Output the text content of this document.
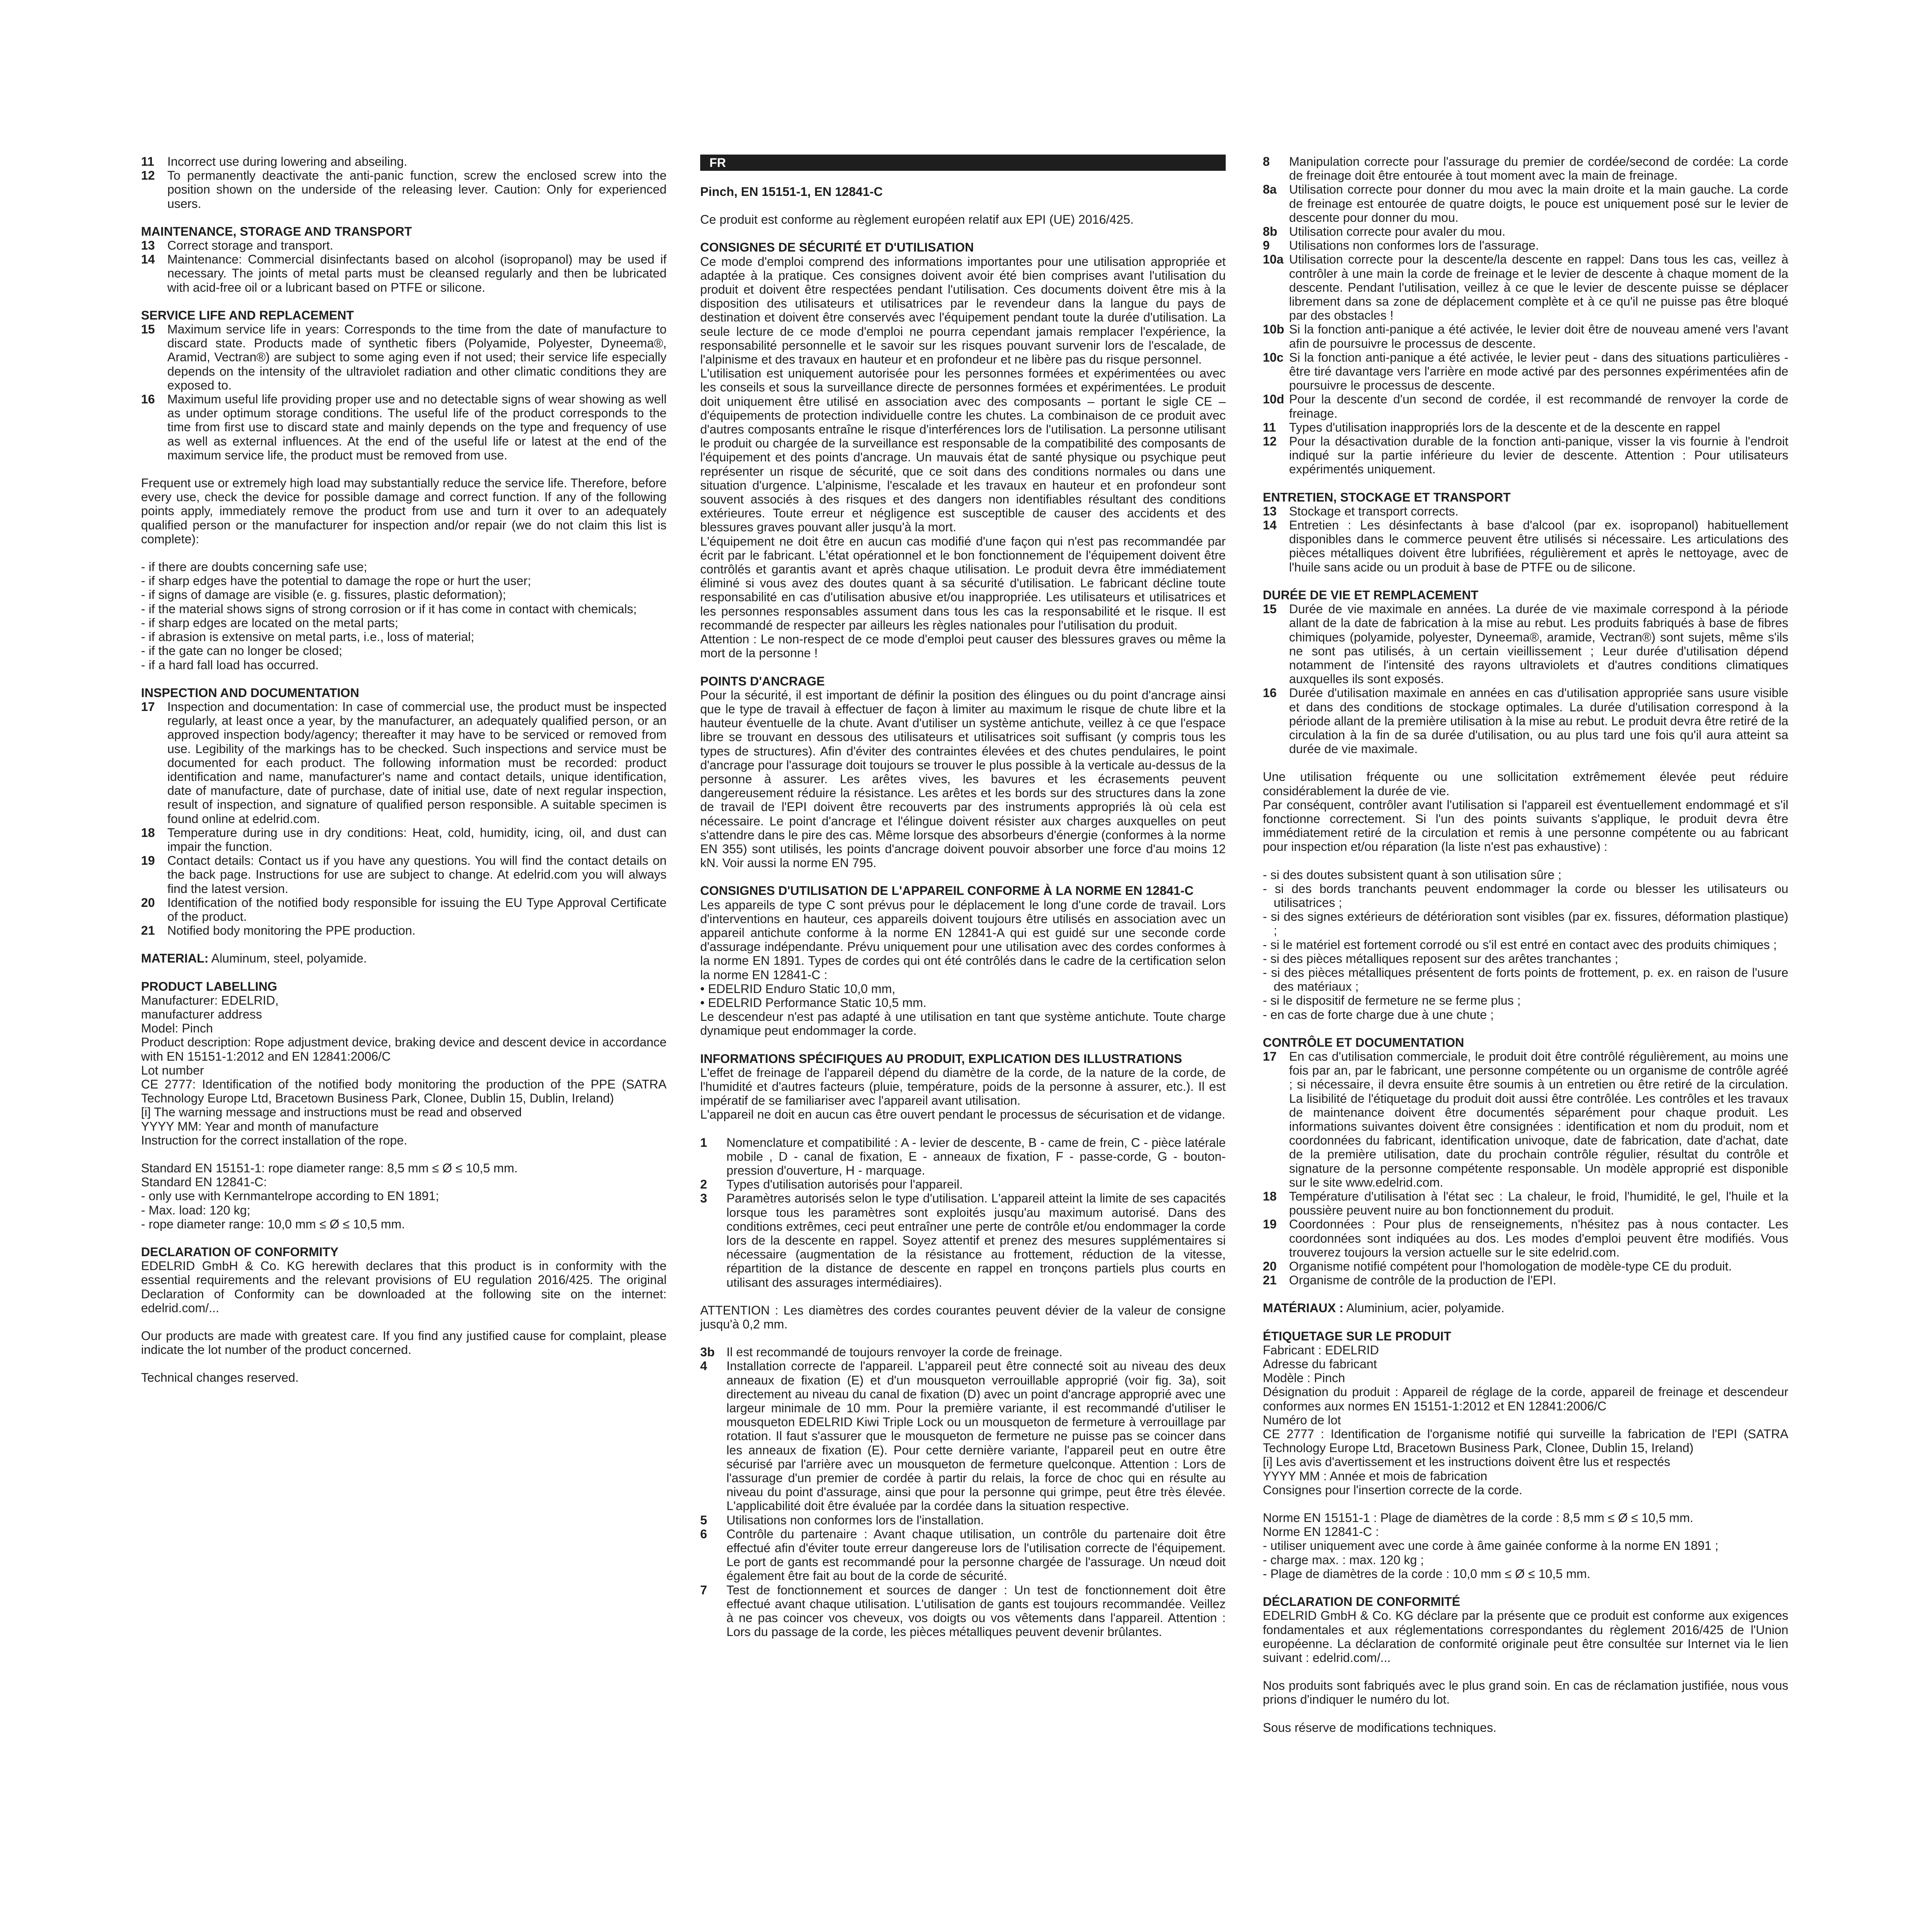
11	Incorrect use during lowering and abseiling.
12 To permanently deactivate the anti-panic function, screw the enclosed screw into the position shown on the underside of the releasing lever. Caution: Only for experienced users.
MAINTENANCE, STORAGE AND TRANSPORT
13 Correct storage and transport.
14 Maintenance: Commercial disinfectants based on alcohol (isopropanol) may be used if necessary. The joints of metal parts must be cleansed regularly and then be lubricated with acid-free oil or a lubricant based on PTFE or silicone.
SERVICE LIFE AND REPLACEMENT
15 Maximum service life in years: Corresponds to the time from the date of manufacture to discard state. Products made of synthetic fibers (Polyamide, Polyester, Dyneema®, Aramid, Vectran®) are subject to some aging even if not used; their service life especially depends on the intensity of the ultraviolet radiation and other climatic conditions they are exposed to.
16 Maximum useful life providing proper use and no detectable signs of wear showing as well as under optimum storage conditions. The useful life of the product corresponds to the time from first use to discard state and mainly depends on the type and frequency of use as well as external influences. At the end of the useful life or latest at the end of the maximum service life, the product must be removed from use.

Frequent use or extremely high load may substantially reduce the service life. Therefore, before every use, check the device for possible damage and correct function. If any of the following points apply, immediately remove the product from use and turn it over to an adequately qualified person or the manufacturer for inspection and/or repair (we do not claim this list is complete):

- if there are doubts concerning safe use;
- if sharp edges have the potential to damage the rope or hurt the user;
- if signs of damage are visible (e. g. fissures, plastic deformation);
- if the material shows signs of strong corrosion or if it has come in contact with chemicals;
- if sharp edges are located on the metal parts;
- if abrasion is extensive on metal parts, i.e., loss of material;
- if the gate can no longer be closed;
- if a hard fall load has occurred.
INSPECTION AND DOCUMENTATION
17 Inspection and documentation: In case of commercial use, the product must be inspected regularly, at least once a year, by the manufacturer, an adequately qualified person, or an approved inspection body/agency; thereafter it may have to be serviced or removed from use. Legibility of the markings has to be checked. Such inspections and service must be documented for each product. The following information must be recorded: product identification and name, manufacturer's name and contact details, unique identification, date of manufacture, date of purchase, date of initial use, date of next regular inspection, result of inspection, and signature of qualified person responsible. A suitable specimen is found online at edelrid.com.
18 Temperature during use in dry conditions: Heat, cold, humidity, icing, oil, and dust can impair the function.
19 Contact details: Contact us if you have any questions. You will find the contact details on the back page. Instructions for use are subject to change. At edelrid.com you will always find the latest version.
20 Identification of the notified body responsible for issuing the EU Type Approval Certificate of the product.
21 Notified body monitoring the PPE production.

MATERIAL: Aluminum, steel, polyamide.

PRODUCT LABELLING
Manufacturer: EDELRID,
manufacturer address
Model: Pinch
Product description: Rope adjustment device, braking device and descent device in accordance with EN 15151-1:2012 and EN 12841:2006/C
Lot number
CE 2777: Identification of the notified body monitoring the production of the PPE (SATRA Technology Europe Ltd, Bracetown Business Park, Clonee, Dublin 15, Dublin, Ireland)
[i] The warning message and instructions must be read and observed
YYYY MM: Year and month of manufacture
Instruction for the correct installation of the rope.
Standard EN 15151-1: rope diameter range: 8,5 mm ≤ Ø ≤ 10,5 mm.
Standard EN 12841-C:
- only use with Kernmantelrope according to EN 1891;
- Max. load: 120 kg;
- rope diameter range: 10,0 mm ≤ Ø ≤ 10,5 mm.
DECLARATION OF CONFORMITY

EDELRID GmbH & Co. KG herewith declares that this product is in conformity with the essential requirements and the relevant provisions of EU regulation 2016/425. The original Declaration of Conformity can be downloaded at the following site on the internet: edelrid.com/...

Our products are made with greatest care. If you find any justified cause for complaint, please indicate the lot number of the product concerned.

Technical changes reserved.

FR
Pinch, EN 15151-1, EN 12841-C

Ce produit est conforme au règlement européen relatif aux EPI (UE) 2016/425.

CONSIGNES DE SÉCURITÉ ET D'UTILISATION
Ce mode d'emploi comprend des informations importantes pour une utilisation appropriée et adaptée à la pratique. Ces consignes doivent avoir été bien comprises avant l'utilisation du produit et doivent être respectées pendant l'utilisation. Ces documents doivent être mis à la disposition des utilisateurs et utilisatrices par le revendeur dans la langue du pays de destination et doivent être conservés avec l'équipement pendant toute la durée d'utilisation. La seule lecture de ce mode d'emploi ne pourra cependant jamais remplacer l'expérience, la responsabilité personnelle et le savoir sur les risques pouvant survenir lors de l'escalade, de l'alpinisme et des travaux en hauteur et en profondeur et ne libère pas du risque personnel.
L'utilisation est uniquement autorisée pour les personnes formées et expérimentées ou avec les conseils et sous la surveillance directe de personnes formées et expérimentées. Le produit doit uniquement être utilisé en association avec des composants – portant le sigle CE – d'équipements de protection individuelle contre les chutes. La combinaison de ce produit avec d'autres composants entraîne le risque d'interférences lors de l'utilisation. La personne utilisant le produit ou chargée de la surveillance est responsable de la compatibilité des composants de l'équipement et des points d'ancrage. Un mauvais état de santé physique ou psychique peut représenter un risque de sécurité, que ce soit dans des conditions normales ou dans une situation d'urgence. L'alpinisme, l'escalade et les travaux en hauteur et en profondeur sont souvent associés à des risques et des dangers non identifiables résultant des conditions extérieures. Toute erreur et négligence est susceptible de causer des accidents et des blessures graves pouvant aller jusqu'à la mort.
L'équipement ne doit être en aucun cas modifié d'une façon qui n'est pas recommandée par écrit par le fabricant. L'état opérationnel et le bon fonctionnement de l'équipement doivent être contrôlés et garantis avant et après chaque utilisation. Le produit devra être immédiatement éliminé si vous avez des doutes quant à sa sécurité d'utilisation. Le fabricant décline toute responsabilité en cas d'utilisation abusive et/ou inappropriée. Les utilisateurs et utilisatrices et les personnes responsables assument dans tous les cas la responsabilité et le risque. Il est recommandé de respecter par ailleurs les règles nationales pour l'utilisation du produit.
Attention : Le non-respect de ce mode d'emploi peut causer des blessures graves ou même la mort de la personne !
POINTS D'ANCRAGE

Pour la sécurité, il est important de définir la position des élingues ou du point d'ancrage ainsi que le type de travail à effectuer de façon à limiter au maximum le risque de chute libre et la hauteur éventuelle de la chute. Avant d'utiliser un système antichute, veillez à ce que l'espace libre se trouvant en dessous des utilisateurs et utilisatrices soit suffisant (y compris tous les types de structures). Afin d'éviter des contraintes élevées et des chutes pendulaires, le point d'ancrage pour l'assurage doit toujours se trouver le plus possible à la verticale au-dessus de la personne à assurer. Les arêtes vives, les bavures et les écrasements peuvent dangereusement réduire la résistance. Les arêtes et les bords sur des structures dans la zone de travail de l'EPI doivent être recouverts par des instruments appropriés là où cela est nécessaire. Le point d'ancrage et l'élingue doivent résister aux charges auxquelles on peut s'attendre dans le pire des cas. Même lorsque des absorbeurs d'énergie (conformes à la norme EN 355) sont utilisés, les points d'ancrage doivent pouvoir absorber une force d'au moins 12 kN. Voir aussi la norme EN 795.

CONSIGNES D'UTILISATION DE L'APPAREIL CONFORME À LA NORME EN 12841-C

Les appareils de type C sont prévus pour le déplacement le long d'une corde de travail. Lors d'interventions en hauteur, ces appareils doivent toujours être utilisés en association avec un appareil antichute conforme à la norme EN 12841-A qui est guidé sur une seconde corde d'assurage indépendante. Prévu uniquement pour une utilisation avec des cordes conformes à la norme EN 1891. Types de cordes qui ont été contrôlés dans le cadre de la certification selon la norme EN 12841-C :

• EDELRID Enduro Static 10,0 mm,
• EDELRID Performance Static 10,5 mm.

Le descendeur n'est pas adapté à une utilisation en tant que système antichute. Toute charge dynamique peut endommager la corde.

INFORMATIONS SPÉCIFIQUES AU PRODUIT, EXPLICATION DES ILLUSTRATIONS
L'effet de freinage de l'appareil dépend du diamètre de la corde, de la nature de la corde, de l'humidité et d'autres facteurs (pluie, température, poids de la personne à assurer, etc.). Il est impératif de se familiariser avec l'appareil avant utilisation.
L'appareil ne doit en aucun cas être ouvert pendant le processus de sécurisation et de vidange.
1	Nomenclature et compatibilité : A - levier de descente, B - came de frein, C - pièce latérale mobile , D - canal de fixation, E - anneaux de fixation, F - passe-corde, G - bouton-pression d'ouverture, H - marquage.
2	Types d'utilisation autorisés pour l'appareil.
3	Paramètres autorisés selon le type d'utilisation. L'appareil atteint la limite de ses capacités lorsque tous les paramètres sont exploités jusqu'au maximum autorisé. Dans des conditions extrêmes, ceci peut entraîner une perte de contrôle et/ou endommager la corde lors de la descente en rappel. Soyez attentif et prenez des mesures supplémentaires si nécessaire (augmentation de la résistance au frottement, réduction de la vitesse, répartition de la distance de descente en rappel en tronçons partiels plus courts en utilisant des assurages intermédiaires).

ATTENTION : Les diamètres des cordes courantes peuvent dévier de la valeur de consigne jusqu'à 0,2 mm.

3b Il est recommandé de toujours renvoyer la corde de freinage.
4	Installation correcte de l'appareil. L'appareil peut être connecté soit au niveau des deux anneaux de fixation (E) et d'un mousqueton verrouillable approprié (voir fig. 3a), soit directement au niveau du canal de fixation (D) avec un point d'ancrage approprié avec une largeur minimale de 10 mm. Pour la première variante, il est recommandé d'utiliser le mousqueton EDELRID Kiwi Triple Lock ou un mousqueton de fermeture à verrouillage par rotation. Il faut s'assurer que le mousqueton de fermeture ne puisse pas se coincer dans les anneaux de fixation (E). Pour cette dernière variante, l'appareil peut en outre être sécurisé par l'arrière avec un mousqueton de fermeture quelconque. Attention : Lors de l'assurage d'un premier de cordée à partir du relais, la force de choc qui en résulte au niveau du point d'assurage, ainsi que pour la personne qui grimpe, peut être très élevée. L'applicabilité doit être évaluée par la cordée dans la situation respective.
5	Utilisations non conformes lors de l'installation.
6	Contrôle du partenaire : Avant chaque utilisation, un contrôle du partenaire doit être effectué afin d'éviter toute erreur dangereuse lors de l'utilisation correcte de l'équipement. Le port de gants est recommandé pour la personne chargée de l'assurage. Un nœud doit également être fait au bout de la corde de sécurité.
7	Test de fonctionnement et sources de danger : Un test de fonctionnement doit être effectué avant chaque utilisation. L'utilisation de gants est toujours recommandée. Veillez à ne pas coincer vos cheveux, vos doigts ou vos vêtements dans l'appareil. Attention : Lors du passage de la corde, les pièces métalliques peuvent devenir brûlantes.
8	Manipulation correcte pour l'assurage du premier de cordée/second de cordée: La corde de freinage doit être entourée à tout moment avec la main de freinage.
8a Utilisation correcte pour donner du mou avec la main droite et la main gauche. La corde de freinage est entourée de quatre doigts, le pouce est uniquement posé sur le levier de descente pour donner du mou.
8b Utilisation correcte pour avaler du mou.
9	Utilisations non conformes lors de l'assurage.
10a Utilisation correcte pour la descente/la descente en rappel: Dans tous les cas, veillez à contrôler à une main la corde de freinage et le levier de descente à chaque moment de la descente. Pendant l'utilisation, veillez à ce que le levier de descente puisse se déplacer librement dans sa zone de déplacement complète et à ce qu'il ne puisse pas être bloqué par des obstacles !
10b Si la fonction anti-panique a été activée, le levier doit être de nouveau amené vers l'avant afin de poursuivre le processus de descente.
10c Si la fonction anti-panique a été activée, le levier peut - dans des situations particulières - être tiré davantage vers l'arrière en mode activé par des personnes expérimentées afin de poursuivre le processus de descente.
10d Pour la descente d'un second de cordée, il est recommandé de renvoyer la corde de freinage.
11	Types d'utilisation inappropriés lors de la descente et de la descente en rappel
12 Pour la désactivation durable de la fonction anti-panique, visser la vis fournie à l'endroit indiqué sur la partie inférieure du levier de descente. Attention : Pour utilisateurs expérimentés uniquement.
ENTRETIEN, STOCKAGE ET TRANSPORT
13 Stockage et transport corrects.
14 Entretien : Les désinfectants à base d'alcool (par ex. isopropanol) habituellement disponibles dans le commerce peuvent être utilisés si nécessaire. Les articulations des pièces métalliques doivent être lubrifiées, régulièrement et après le nettoyage, avec de l'huile sans acide ou un produit à base de PTFE ou de silicone.
DURÉE DE VIE ET REMPLACEMENT
15 Durée de vie maximale en années. La durée de vie maximale correspond à la période allant de la date de fabrication à la mise au rebut. Les produits fabriqués à base de fibres chimiques (polyamide, polyester, Dyneema®, aramide, Vectran®) sont sujets, même s'ils ne sont pas utilisés, à un certain vieillissement ; Leur durée d'utilisation dépend notamment de l'intensité des rayons ultraviolets et d'autres conditions climatiques auxquelles ils sont exposés.
16 Durée d'utilisation maximale en années en cas d'utilisation appropriée sans usure visible et dans des conditions de stockage optimales. La durée d'utilisation correspond à la période allant de la première utilisation à la mise au rebut. Le produit devra être retiré de la circulation à la fin de sa durée d'utilisation, ou au plus tard une fois qu'il aura atteint sa durée de vie maximale.
Une utilisation fréquente ou une sollicitation extrêmement élevée peut réduire considérablement la durée de vie.
Par conséquent, contrôler avant l'utilisation si l'appareil est éventuellement endommagé et s'il fonctionne correctement. Si l'un des points suivants s'applique, le produit devra être immédiatement retiré de la circulation et remis à une personne compétente ou au fabricant pour inspection et/ou réparation (la liste n'est pas exhaustive) :
- si des doutes subsistent quant à son utilisation sûre ;
- si des bords tranchants peuvent endommager la corde ou blesser les utilisateurs ou utilisatrices ;
- si des signes extérieurs de détérioration sont visibles (par ex. fissures, déformation plastique) ;
- si le matériel est fortement corrodé ou s'il est entré en contact avec des produits chimiques ;
- si des pièces métalliques reposent sur des arêtes tranchantes ;
- si des pièces métalliques présentent de forts points de frottement, p. ex. en raison de l'usure des matériaux ;
- si le dispositif de fermeture ne se ferme plus ;
- en cas de forte charge due à une chute ;
CONTRÔLE ET DOCUMENTATION
17 En cas d'utilisation commerciale, le produit doit être contrôlé régulièrement, au moins une fois par an, par le fabricant, une personne compétente ou un organisme de contrôle agréé ; si nécessaire, il devra ensuite être soumis à un entretien ou être retiré de la circulation. La lisibilité de l'étiquetage du produit doit aussi être contrôlée. Les contrôles et les travaux de maintenance doivent être documentés séparément pour chaque produit. Les informations suivantes doivent être consignées : identification et nom du produit, nom et coordonnées du fabricant, identification univoque, date de fabrication, date d'achat, date de la première utilisation, date du prochain contrôle régulier, résultat du contrôle et signature de la personne compétente responsable. Un modèle approprié est disponible sur le site www.edelrid.com.
18 Température d'utilisation à l'état sec : La chaleur, le froid, l'humidité, le gel, l'huile et la poussière peuvent nuire au bon fonctionnement du produit.
19 Coordonnées : Pour plus de renseignements, n'hésitez pas à nous contacter. Les coordonnées sont indiquées au dos. Les modes d'emploi peuvent être modifiés. Vous trouverez toujours la version actuelle sur le site edelrid.com.
20 Organisme notifié compétent pour l'homologation de modèle-type CE du produit.
21 Organisme de contrôle de la production de l'EPI.

MATÉRIAUX : Aluminium, acier, polyamide.

ÉTIQUETAGE SUR LE PRODUIT
Fabricant : EDELRID
Adresse du fabricant
Modèle : Pinch
Désignation du produit : Appareil de réglage de la corde, appareil de freinage et descendeur conformes aux normes EN 15151-1:2012 et EN 12841:2006/C
Numéro de lot
CE 2777 : Identification de l'organisme notifié qui surveille la fabrication de l'EPI (SATRA Technology Europe Ltd, Bracetown Business Park, Clonee, Dublin 15, Ireland)
[i] Les avis d'avertissement et les instructions doivent être lus et respectés
YYYY MM : Année et mois de fabrication
Consignes pour l'insertion correcte de la corde.
Norme EN 15151-1 : Plage de diamètres de la corde : 8,5 mm ≤ Ø ≤ 10,5 mm.
Norme EN 12841-C :
- utiliser uniquement avec une corde à âme gainée conforme à la norme EN 1891 ;
- charge max. : max. 120 kg ;
- Plage de diamètres de la corde : 10,0 mm ≤ Ø ≤ 10,5 mm.
DÉCLARATION DE CONFORMITÉ

EDELRID GmbH & Co. KG déclare par la présente que ce produit est conforme aux exigences fondamentales et aux réglementations correspondantes du règlement 2016/425 de l'Union européenne. La déclaration de conformité originale peut être consultée sur Internet via le lien suivant : edelrid.com/...

Nos produits sont fabriqués avec le plus grand soin. En cas de réclamation justifiée, nous vous prions d'indiquer le numéro du lot.

Sous réserve de modifications techniques.
